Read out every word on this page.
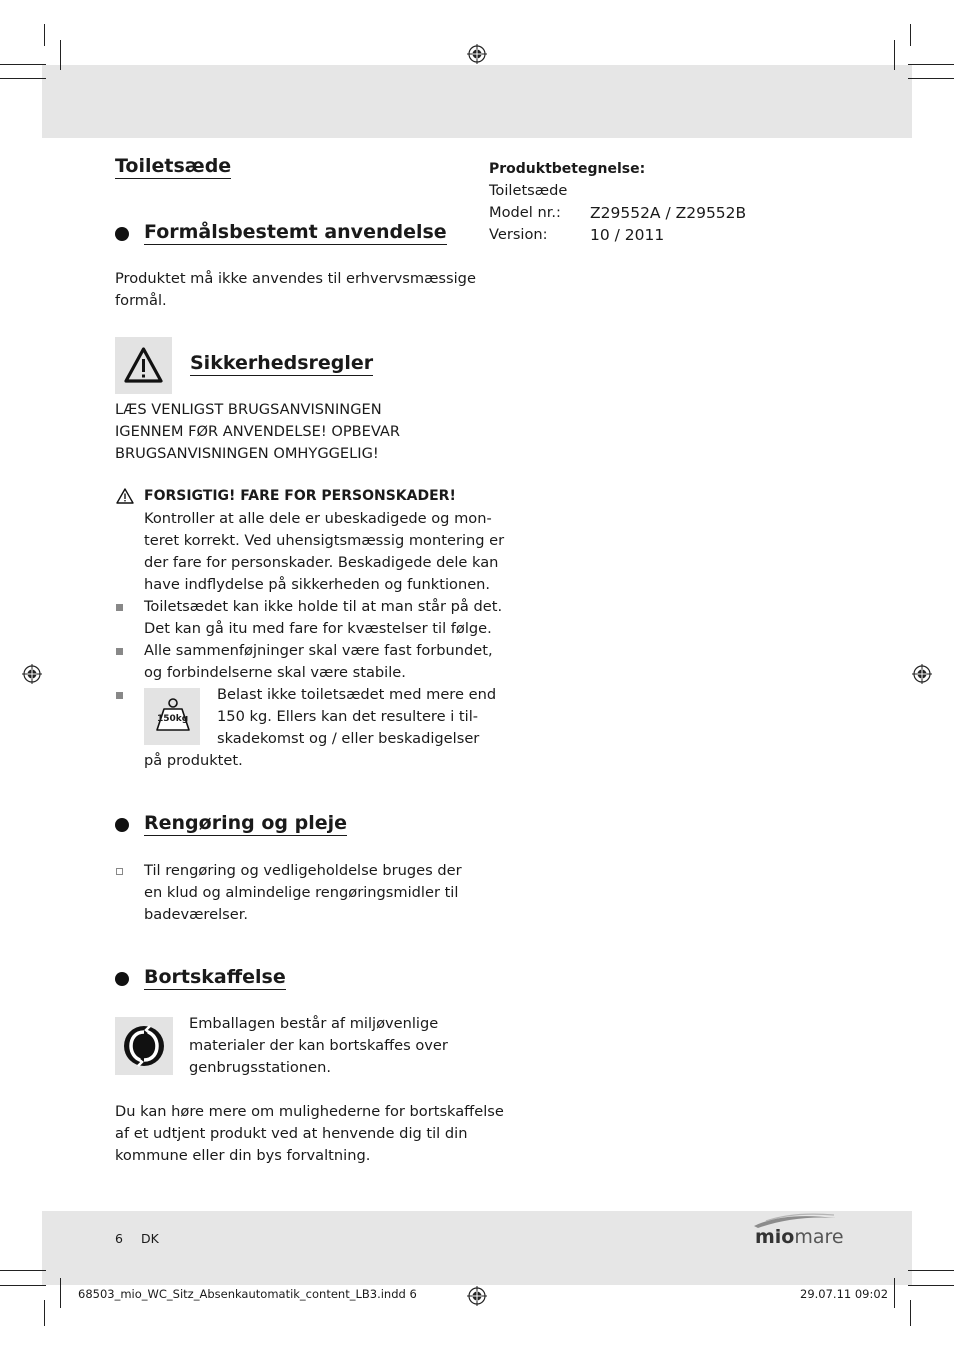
Toiletsæde
Formålsbestemt anvendelse
Produktet må ikke anvendes til erhvervsmæssige
formål.
Sikkerhedsregler
LÆS VENLIGST BRUGSANVISNINGEN
IGENNEM FØR ANVENDELSE! OPBEVAR
BRUGSANVISNINGEN OMHYGGELIG!
FORSIGTIG! FARE FOR PERSONSKADER!
Kontroller at alle dele er ubeskadigede og mon-
teret korrekt. Ved uhensigtsmæssig montering er
der fare for personskader. Beskadigede dele kan
have indflydelse på sikkerheden og funktionen.
Toiletsædet kan ikke holde til at man står på det.
Det kan gå itu med fare for kvæstelser til følge.
Alle sammenføjninger skal være fast forbundet,
og forbindelserne skal være stabile.
150kg
Belast ikke toiletsædet med mere end
150 kg. Ellers kan det resultere i til-
skadekomst og / eller beskadigelser
på produktet.
Rengøring og pleje
Til rengøring og vedligeholdelse bruges der
en klud og almindelige rengøringsmidler til
badeværelser.
Bortskaffelse
Emballagen består af miljøvenlige
materialer der kan bortskaffes over
genbrugsstationen.
Du kan høre mere om mulighederne for bortskaffelse
af et udtjent produkt ved at henvende dig til din
kommune eller din bys forvaltning.
Produktbetegnelse:
Toiletsæde
Model nr.: Z29552A / Z29552B
Version:	10 / 2011
6 DK	miomare
68503_mio_WC_Sitz_Absenkautomatik_content_LB3.indd 6	29.07.11 09:02
